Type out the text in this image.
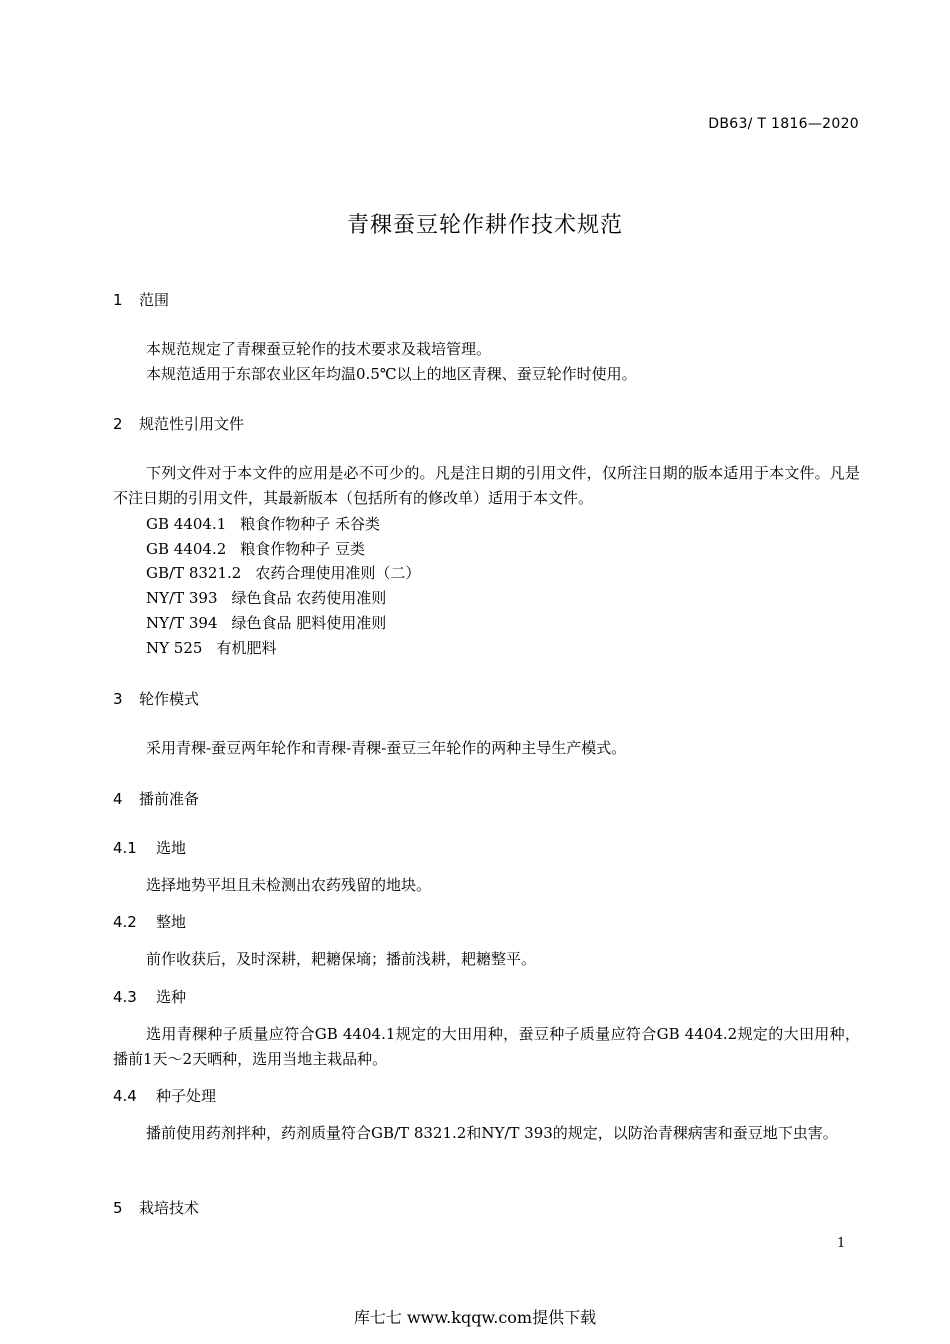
DB63/ T 1816—2020
青稞蚕豆轮作耕作技术规范
1 范围
本规范规定了青稞蚕豆轮作的技术要求及栽培管理。
本规范适用于东部农业区年均温0.5℃以上的地区青稞、蚕豆轮作时使用。
2 规范性引用文件
下列文件对于本文件的应用是必不可少的。凡是注日期的引用文件，仅所注日期的版本适用于本文件。凡是不注日期的引用文件，其最新版本（包括所有的修改单）适用于本文件。
GB 4404.1 粮食作物种子 禾谷类
GB 4404.2 粮食作物种子 豆类
GB/T 8321.2 农药合理使用准则（二）
NY/T 393 绿色食品 农药使用准则
NY/T 394 绿色食品 肥料使用准则
NY 525 有机肥料
3 轮作模式
采用青稞-蚕豆两年轮作和青稞-青稞-蚕豆三年轮作的两种主导生产模式。
4 播前准备
4.1 选地
选择地势平坦且未检测出农药残留的地块。
4.2 整地
前作收获后，及时深耕，耙耱保墒；播前浅耕，耙耱整平。
4.3 选种
选用青稞种子质量应符合GB 4404.1规定的大田用种，蚕豆种子质量应符合GB 4404.2规定的大田用种，播前1天～2天晒种，选用当地主栽品种。
4.4 种子处理
播前使用药剂拌种，药剂质量符合GB/T 8321.2和NY/T 393的规定，以防治青稞病害和蚕豆地下虫害。
5 栽培技术
1
库七七 www.kqqw.com提供下载
